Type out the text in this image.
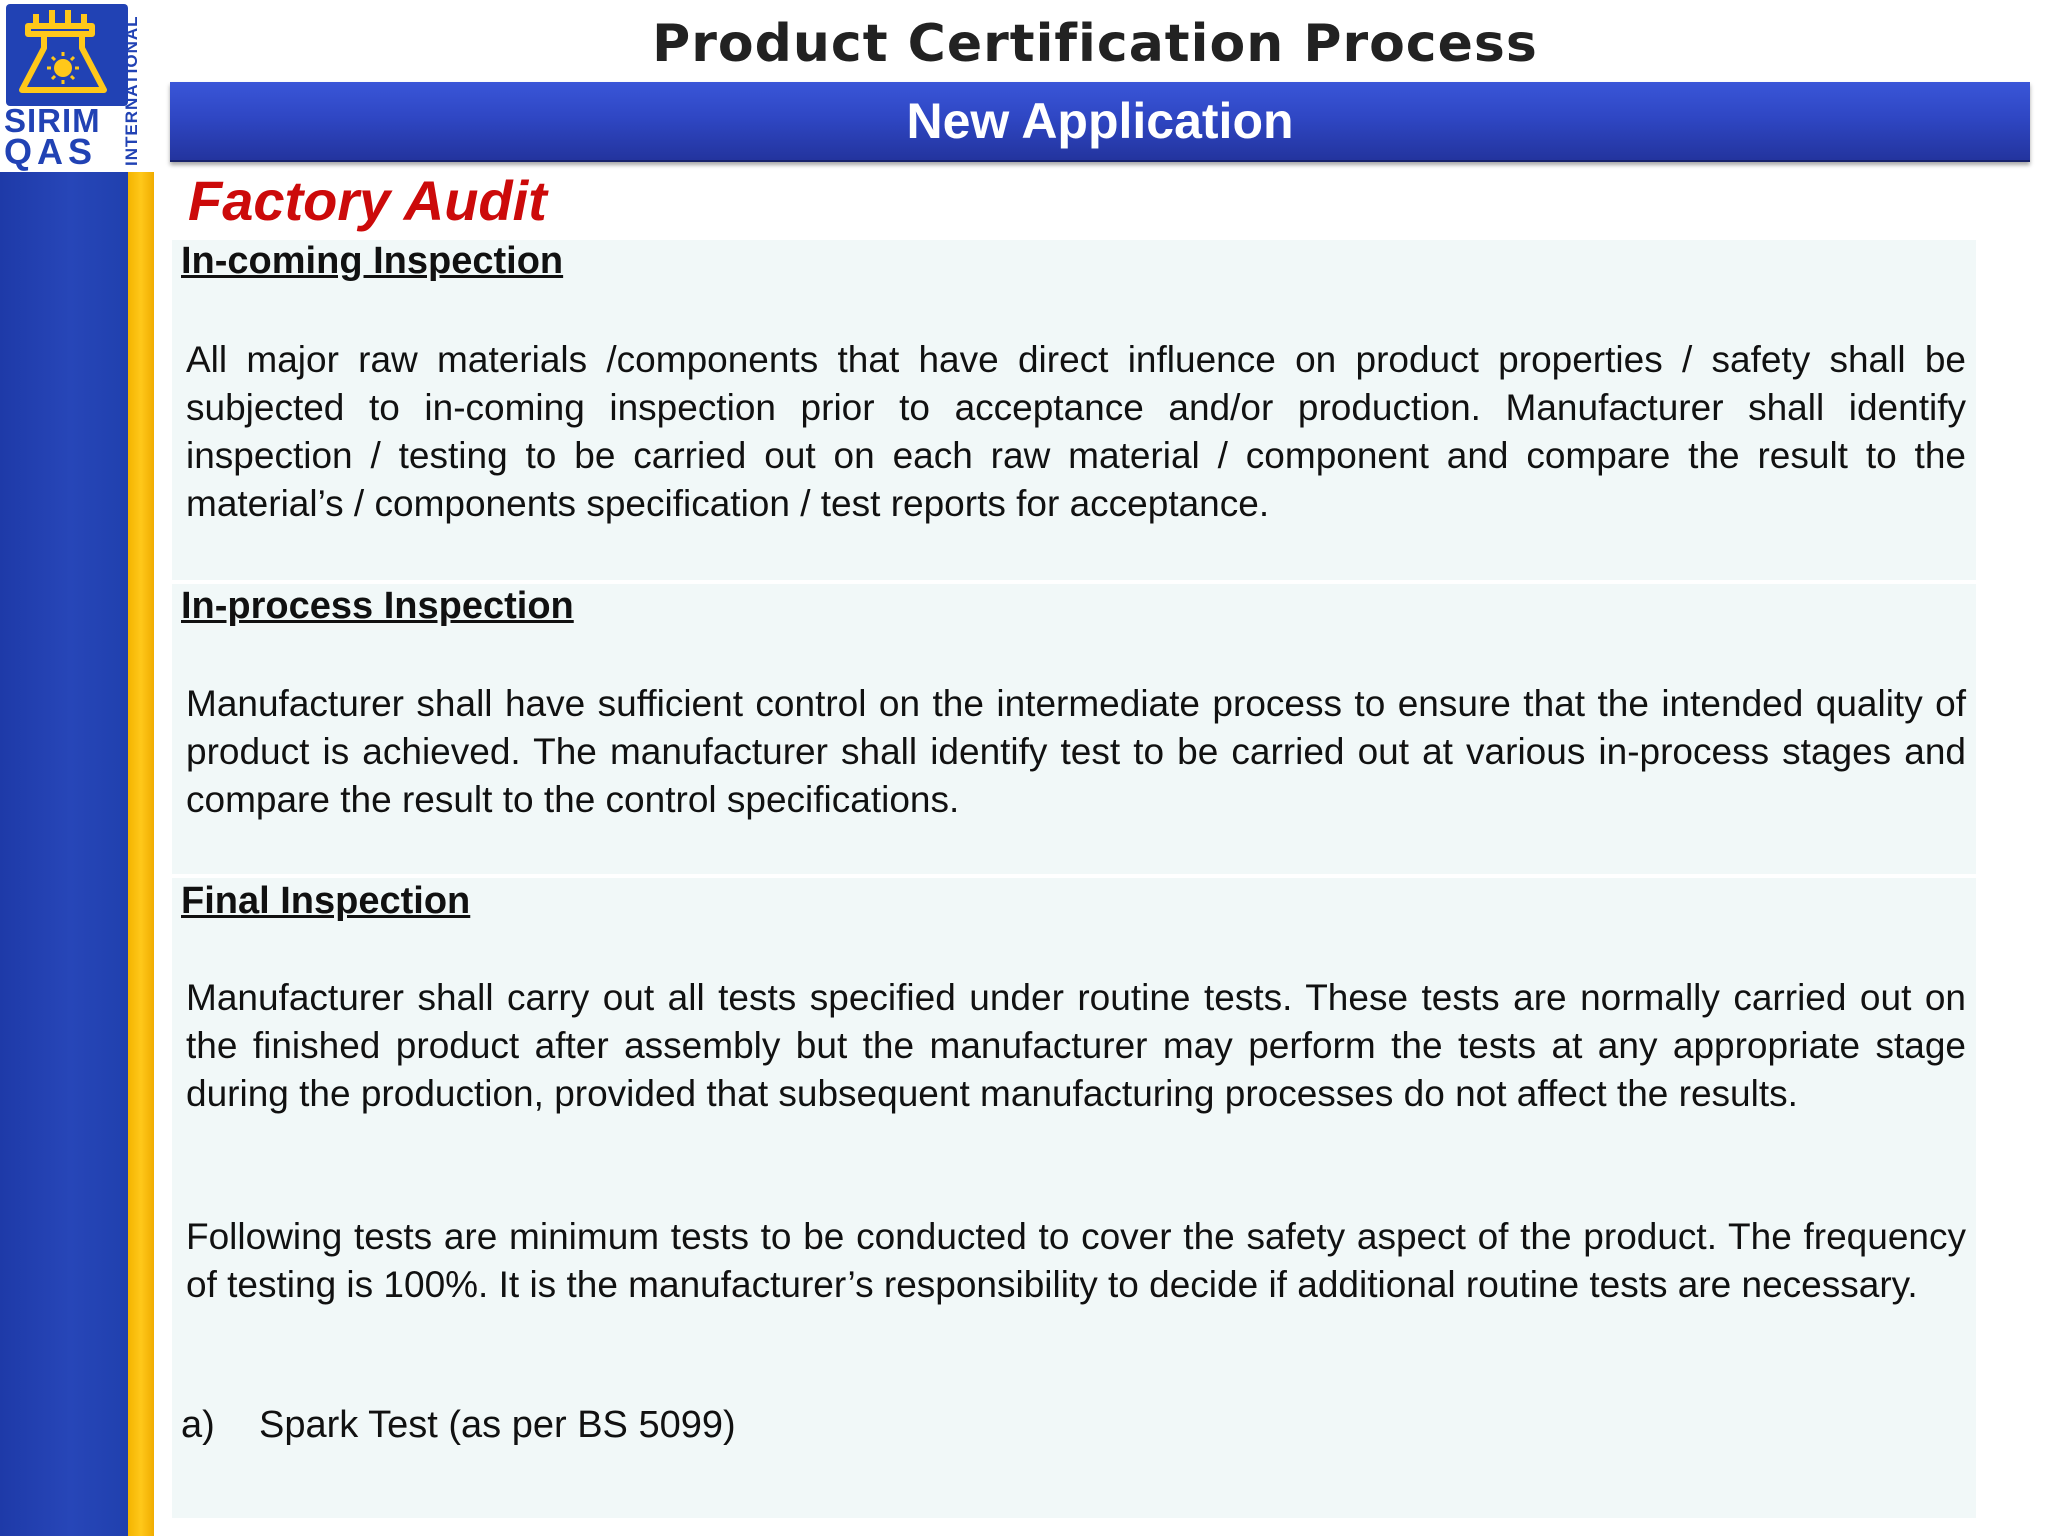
SIRIM
QAS	INTERNATIONAL	Product Certification Process
New Application
Factory Audit
In-coming Inspection
All major raw materials /components that have direct influence on product properties / safety shall be subjected to in-coming inspection prior to acceptance and/or production. Manufacturer shall identify inspection / testing to be carried out on each raw material / component and compare the result to the material’s / components specification / test reports for acceptance.
In-process Inspection
Manufacturer shall have sufficient control on the intermediate process to ensure that the intended quality of product is achieved. The manufacturer shall identify test to be carried out at various in-process stages and compare the result to the control specifications.
Final Inspection
Manufacturer shall carry out all tests specified under routine tests. These tests are normally carried out on the finished product after assembly but the manufacturer may perform the tests at any appropriate stage during the production, provided that subsequent manufacturing processes do not affect the results.
Following tests are minimum tests to be conducted to cover the safety aspect of the product. The frequency of testing is 100%. It is the manufacturer’s responsibility to decide if additional routine tests are necessary.
a) Spark Test (as per BS 5099)
